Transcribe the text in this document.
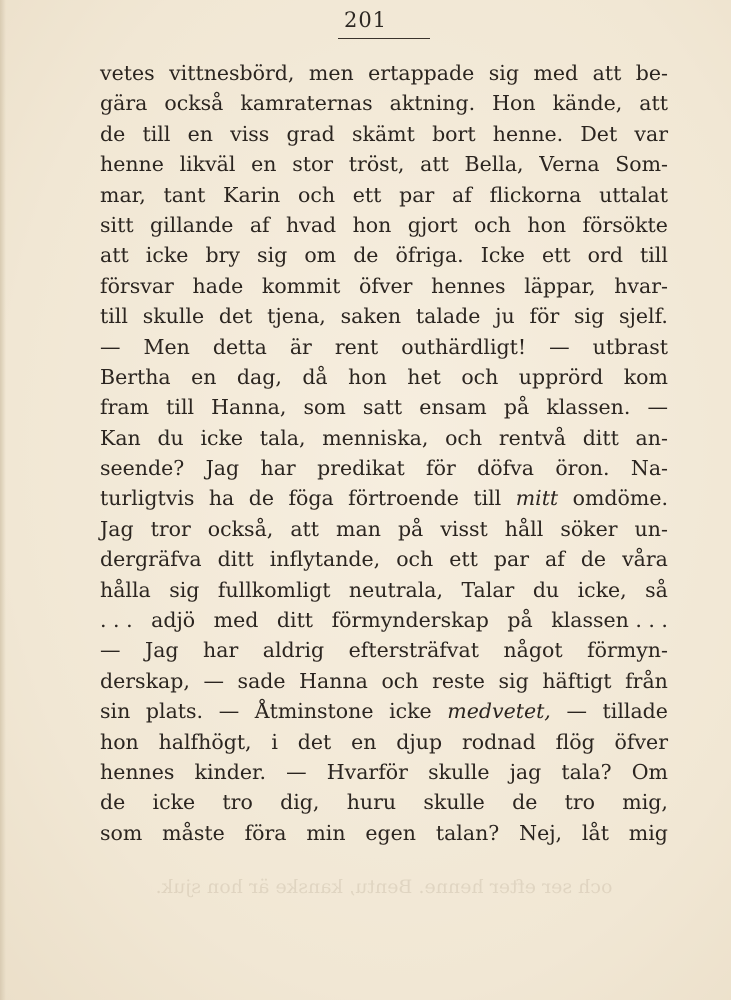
201
vetes vittnesbörd, men ertappade sig med att be-
gära också kamraternas aktning. Hon kände, att
de till en viss grad skämt bort henne. Det var
henne likväl en stor tröst, att Bella, Verna Som-
mar, tant Karin och ett par af flickorna uttalat
sitt gillande af hvad hon gjort och hon försökte
att icke bry sig om de öfriga. Icke ett ord till
försvar hade kommit öfver hennes läppar, hvar-
till skulle det tjena, saken talade ju för sig sjelf.
— Men detta är rent outhärdligt! — utbrast
Bertha en dag, då hon het och upprörd kom
fram till Hanna, som satt ensam på klassen. —
Kan du icke tala, menniska, och rentvå ditt an-
seende? Jag har predikat för döfva öron. Na-
turligtvis ha de föga förtroende till mitt omdöme.
Jag tror också, att man på visst håll söker un-
dergräfva ditt inflytande, och ett par af de våra
hålla sig fullkomligt neutrala, Talar du icke, så
. . . adjö med ditt förmynderskap på klassen . . .
— Jag har aldrig eftersträfvat något förmyn-
derskap, — sade Hanna och reste sig häftigt från
sin plats. — Åtminstone icke medvetet, — tillade
hon halfhögt, i det en djup rodnad flög öfver
hennes kinder. — Hvarför skulle jag tala? Om
de icke tro dig, huru skulle de tro mig,
som måste föra min egen talan? Nej, låt mig
och ser efter henne. Bentu, kanske är hon sjuk.
